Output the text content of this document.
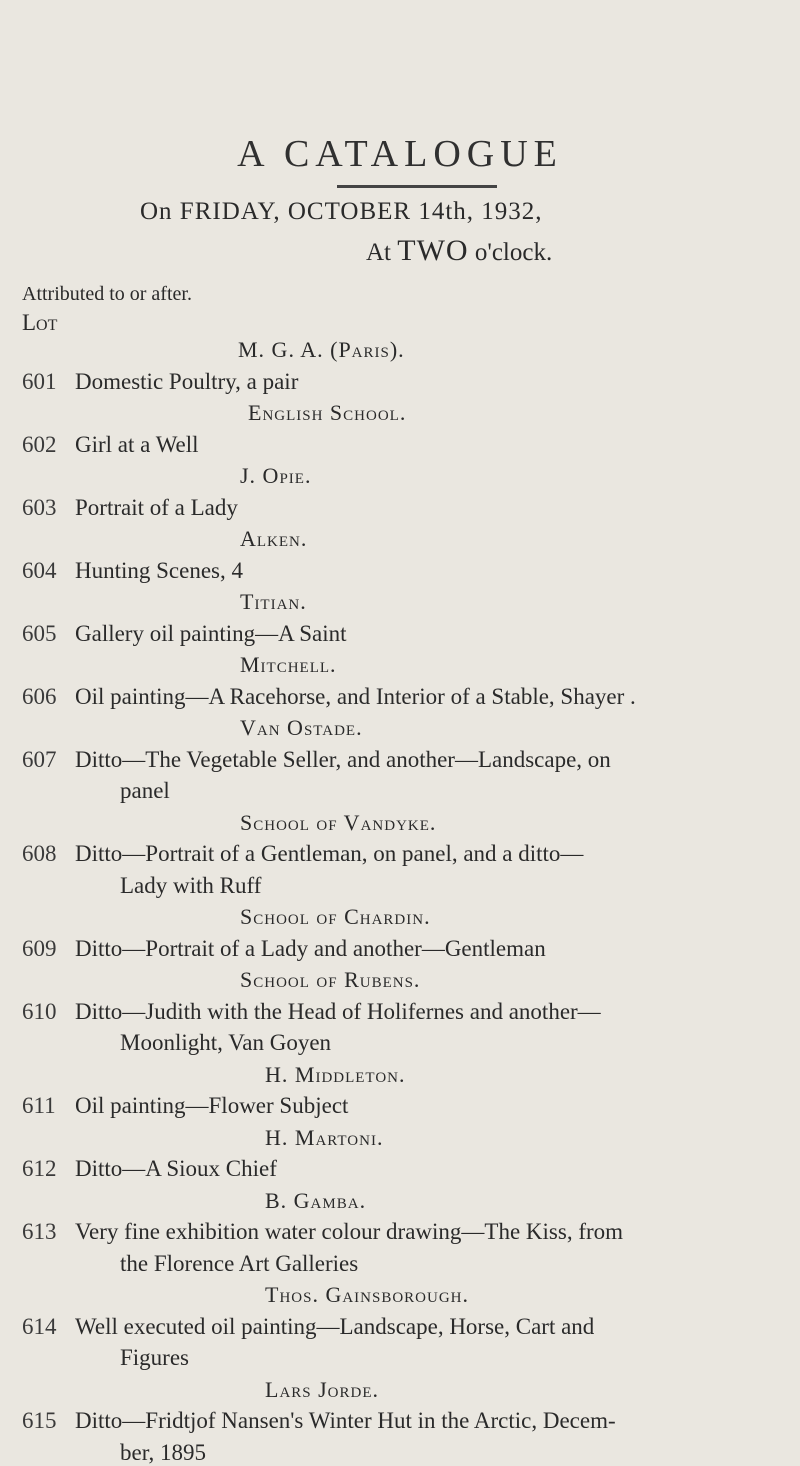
A CATALOGUE
On FRIDAY, OCTOBER 14th, 1932,
At TWO o'clock.
Attributed to or after.
Lot
M. G. A. (Paris).
601 Domestic Poultry, a pair
English School.
602 Girl at a Well
J. Opie.
603 Portrait of a Lady
Alken.
604 Hunting Scenes, 4
Titian.
605 Gallery oil painting—A Saint
Mitchell.
606 Oil painting—A Racehorse, and Interior of a Stable, Shayer .
Van Ostade.
607 Ditto—The Vegetable Seller, and another—Landscape, on
panel
School of Vandyke.
608 Ditto—Portrait of a Gentleman, on panel, and a ditto—
Lady with Ruff
School of Chardin.
609 Ditto—Portrait of a Lady and another—Gentleman
School of Rubens.
610 Ditto—Judith with the Head of Holifernes and another—
Moonlight, Van Goyen
H. Middleton.
611 Oil painting—Flower Subject
H. Martoni.
612 Ditto—A Sioux Chief
B. Gamba.
613 Very fine exhibition water colour drawing—The Kiss, from
the Florence Art Galleries
Thos. Gainsborough.
614 Well executed oil painting—Landscape, Horse, Cart and
Figures
Lars Jorde.
615 Ditto—Fridtjof Nansen's Winter Hut in the Arctic, Decem-
ber, 1895
